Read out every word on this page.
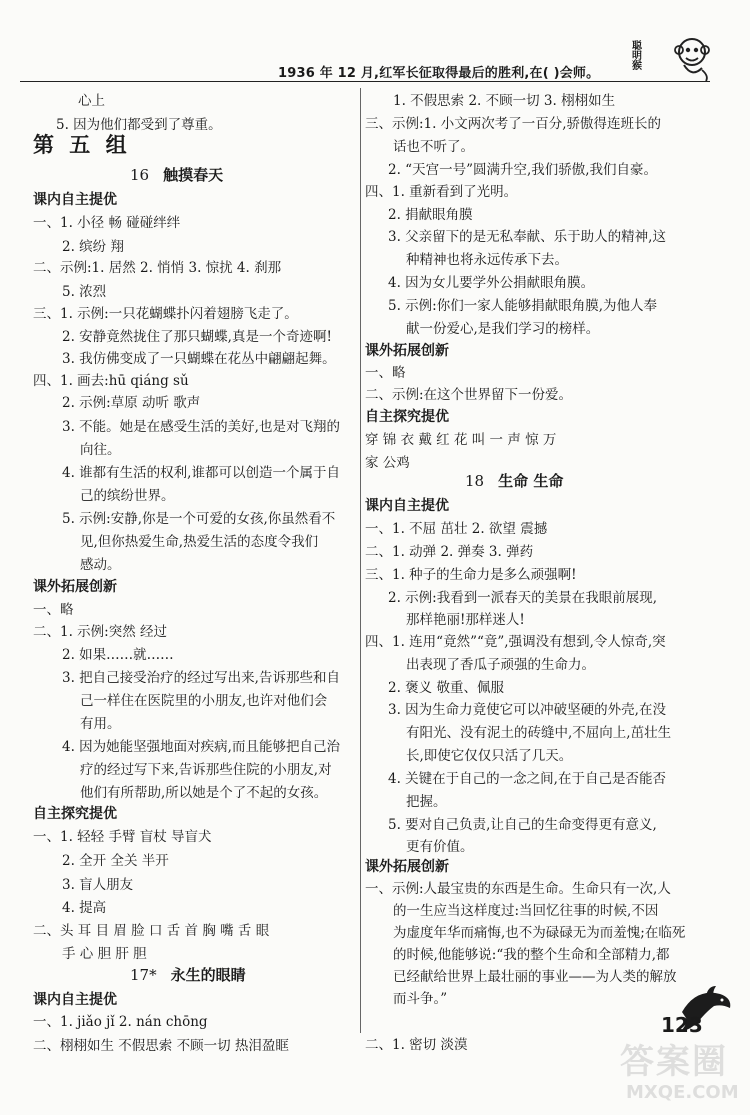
1936 年 12 月,红军长征取得最后的胜利,在( )会师。
聪明猴
心上
5. 因为他们都受到了尊重。
第 五 组
16 触摸春天
课内自主提优
一、1. 小径 畅 碰碰绊绊
2. 缤纷 翔
二、示例:1. 居然 2. 悄悄 3. 惊扰 4. 刹那
5. 浓烈
三、1. 示例:一只花蝴蝶扑闪着翅膀飞走了。
2. 安静竟然拢住了那只蝴蝶,真是一个奇迹啊!
3. 我仿佛变成了一只蝴蝶在花丛中翩翩起舞。
四、1. 画去:hū qiáng sǔ
2. 示例:草原 动听 歌声
3. 不能。她是在感受生活的美好,也是对飞翔的
向往。
4. 谁都有生活的权利,谁都可以创造一个属于自
己的缤纷世界。
5. 示例:安静,你是一个可爱的女孩,你虽然看不
见,但你热爱生命,热爱生活的态度令我们
感动。
课外拓展创新
一、略
二、1. 示例:突然 经过
2. 如果……就……
3. 把自己接受治疗的经过写出来,告诉那些和自
己一样住在医院里的小朋友,也许对他们会
有用。
4. 因为她能坚强地面对疾病,而且能够把自己治
疗的经过写下来,告诉那些住院的小朋友,对
他们有所帮助,所以她是个了不起的女孩。
自主探究提优
一、1. 轻轻 手臂 盲杖 导盲犬
2. 全开 全关 半开
3. 盲人朋友
4. 提高
二、头 耳 目 眉 脸 口 舌 首 胸 嘴 舌 眼
手 心 胆 肝 胆
17* 永生的眼睛
课内自主提优
一、1. jiǎo jǐ 2. nán chōng
二、栩栩如生 不假思索 不顾一切 热泪盈眶
1. 不假思索 2. 不顾一切 3. 栩栩如生
三、示例:1. 小文两次考了一百分,骄傲得连班长的
话也不听了。
2. “天宫一号”圆满升空,我们骄傲,我们自豪。
四、1. 重新看到了光明。
2. 捐献眼角膜
3. 父亲留下的是无私奉献、乐于助人的精神,这
种精神也将永远传承下去。
4. 因为女儿要学外公捐献眼角膜。
5. 示例:你们一家人能够捐献眼角膜,为他人奉
献一份爱心,是我们学习的榜样。
课外拓展创新
一、略
二、示例:在这个世界留下一份爱。
自主探究提优
穿 锦 衣 戴 红 花 叫 一 声 惊 万
家 公鸡
18 生命 生命
课内自主提优
一、1. 不屈 茁壮 2. 欲望 震撼
二、1. 动弹 2. 弹奏 3. 弹药
三、1. 种子的生命力是多么顽强啊!
2. 示例:我看到一派春天的美景在我眼前展现,
那样艳丽!那样迷人!
四、1. 连用“竟然”“竟”,强调没有想到,令人惊奇,突
出表现了香瓜子顽强的生命力。
2. 褒义 敬重、佩服
3. 因为生命力竟使它可以冲破坚硬的外壳,在没
有阳光、没有泥土的砖缝中,不屈向上,茁壮生
长,即使它仅仅只活了几天。
4. 关键在于自己的一念之间,在于自己是否能否
把握。
5. 要对自己负责,让自己的生命变得更有意义,
更有价值。
课外拓展创新
一、示例:人最宝贵的东西是生命。生命只有一次,人
的一生应当这样度过:当回忆往事的时候,不因
为虚度年华而痛悔,也不为碌碌无为而羞愧;在临死
的时候,他能够说:“我的整个生命和全部精力,都
已经献给世界上最壮丽的事业——为人类的解放
而斗争。”
二、1. 密切 淡漠
123
答案圈
MXQE.COM
